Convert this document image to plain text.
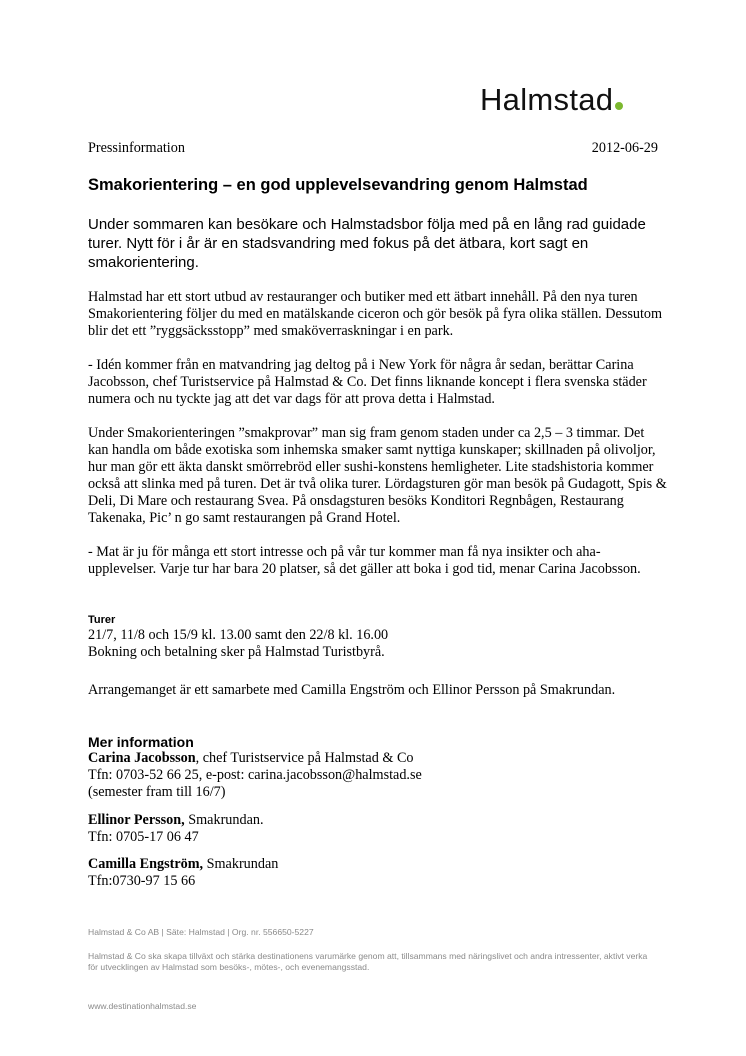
Halmstad
Pressinformation	2012-06-29
Smakorientering – en god upplevelsevandring genom Halmstad

Under sommaren kan besökare och Halmstadsbor följa med på en lång rad guidade turer. Nytt för i år är en stadsvandring med fokus på det ätbara, kort sagt en smakorientering.

Halmstad har ett stort utbud av restauranger och butiker med ett ätbart innehåll. På den nya turen Smakorientering följer du med en matälskande ciceron och gör besök på fyra olika ställen. Dessutom blir det ett ”ryggsäcksstopp” med smaköverraskningar i en park.

- Idén kommer från en matvandring jag deltog på i New York för några år sedan, berättar Carina Jacobsson, chef Turistservice på Halmstad & Co. Det finns liknande koncept i flera svenska städer numera och nu tyckte jag att det var dags för att prova detta i Halmstad.

Under Smakorienteringen ”smakprovar” man sig fram genom staden under ca 2,5 – 3 timmar. Det kan handla om både exotiska som inhemska smaker samt nyttiga kunskaper; skillnaden på olivoljor, hur man gör ett äkta danskt smörrebröd eller sushi-konstens hemligheter. Lite stadshistoria kommer också att slinka med på turen. Det är två olika turer. Lördagsturen gör man besök på Gudagott, Spis & Deli, Di Mare och restaurang Svea. På onsdagsturen besöks Konditori Regnbågen, Restaurang Takenaka, Pic’ n go samt restaurangen på Grand Hotel.

- Mat är ju för många ett stort intresse och på vår tur kommer man få nya insikter och aha-upplevelser. Varje tur har bara 20 platser, så det gäller att boka i god tid, menar Carina Jacobsson.

Turer
21/7, 11/8 och 15/9 kl. 13.00 samt den 22/8 kl. 16.00
Bokning och betalning sker på Halmstad Turistbyrå.

Arrangemanget är ett samarbete med Camilla Engström och Ellinor Persson på Smakrundan.

Mer information
Carina Jacobsson, chef Turistservice på Halmstad & Co
Tfn: 0703-52 66 25, e-post: carina.jacobsson@halmstad.se
(semester fram till 16/7)
Ellinor Persson, Smakrundan.
Tfn: 0705-17 06 47
Camilla Engström, Smakrundan
Tfn:0730-97 15 66
Halmstad & Co AB | Säte: Halmstad | Org. nr. 556650-5227
Halmstad & Co ska skapa tillväxt och stärka destinationens varumärke genom att, tillsammans med näringslivet och andra intressenter, aktivt verka för utvecklingen av Halmstad som besöks-, mötes-, och evenemangsstad.
www.destinationhalmstad.se
